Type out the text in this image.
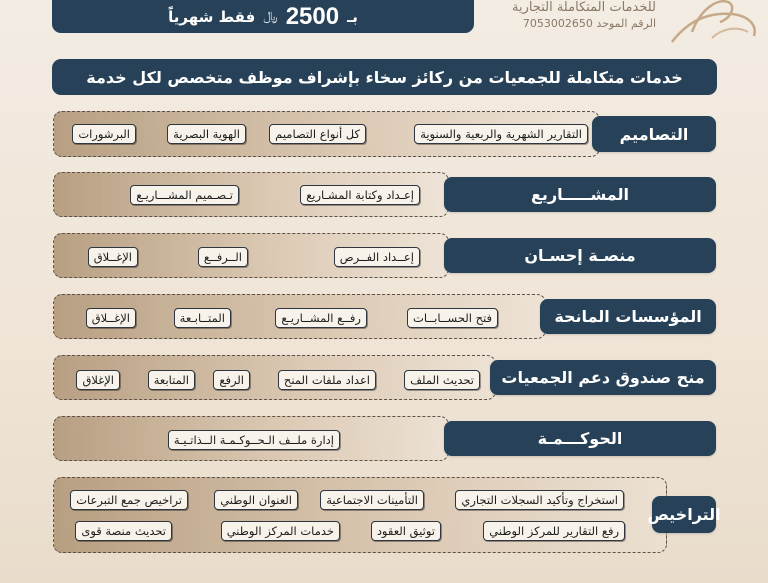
بـ
2500
﷼
فقط شهرياً	للخدمات المتكاملة التجارية
الرقم الموحد 7053002650
خدمات متكاملة للجمعيات من ركائز سخاء بإشراف موظف متخصص لكل خدمة
التصاميم
التقارير الشهرية والربعية والسنوية
كل أنواع التصاميم
الهوية البصرية
البرشورات
المشـــــاريع
إعـداد وكتابة المشـاريع
تـصـميم المشـــاريـع
منصـة إحسـان
إعــداد الفــرص
الــرفــع
الإغــلاق
المؤسسات المانحة
فتح الحســابــات
رفــع المشــاريـع
المتــابـعة
الإغــلاق
منح صندوق دعم الجمعيات
تحديث الملف
اعداد ملفات المنح
الرفع
المتابعة
الإغلاق
الحوكـــمـة
إدارة ملــف الـحــوكـمـة الــذاتـيـة
التراخيص
استخراج وتأكيد السجلات التجاري
التأمينات الاجتماعية
العنوان الوطني
تراخيص جمع التبرعات
رفع التقارير للمركز الوطني
توثيق العقود
خدمات المركز الوطني
تحديث منصة قوى
